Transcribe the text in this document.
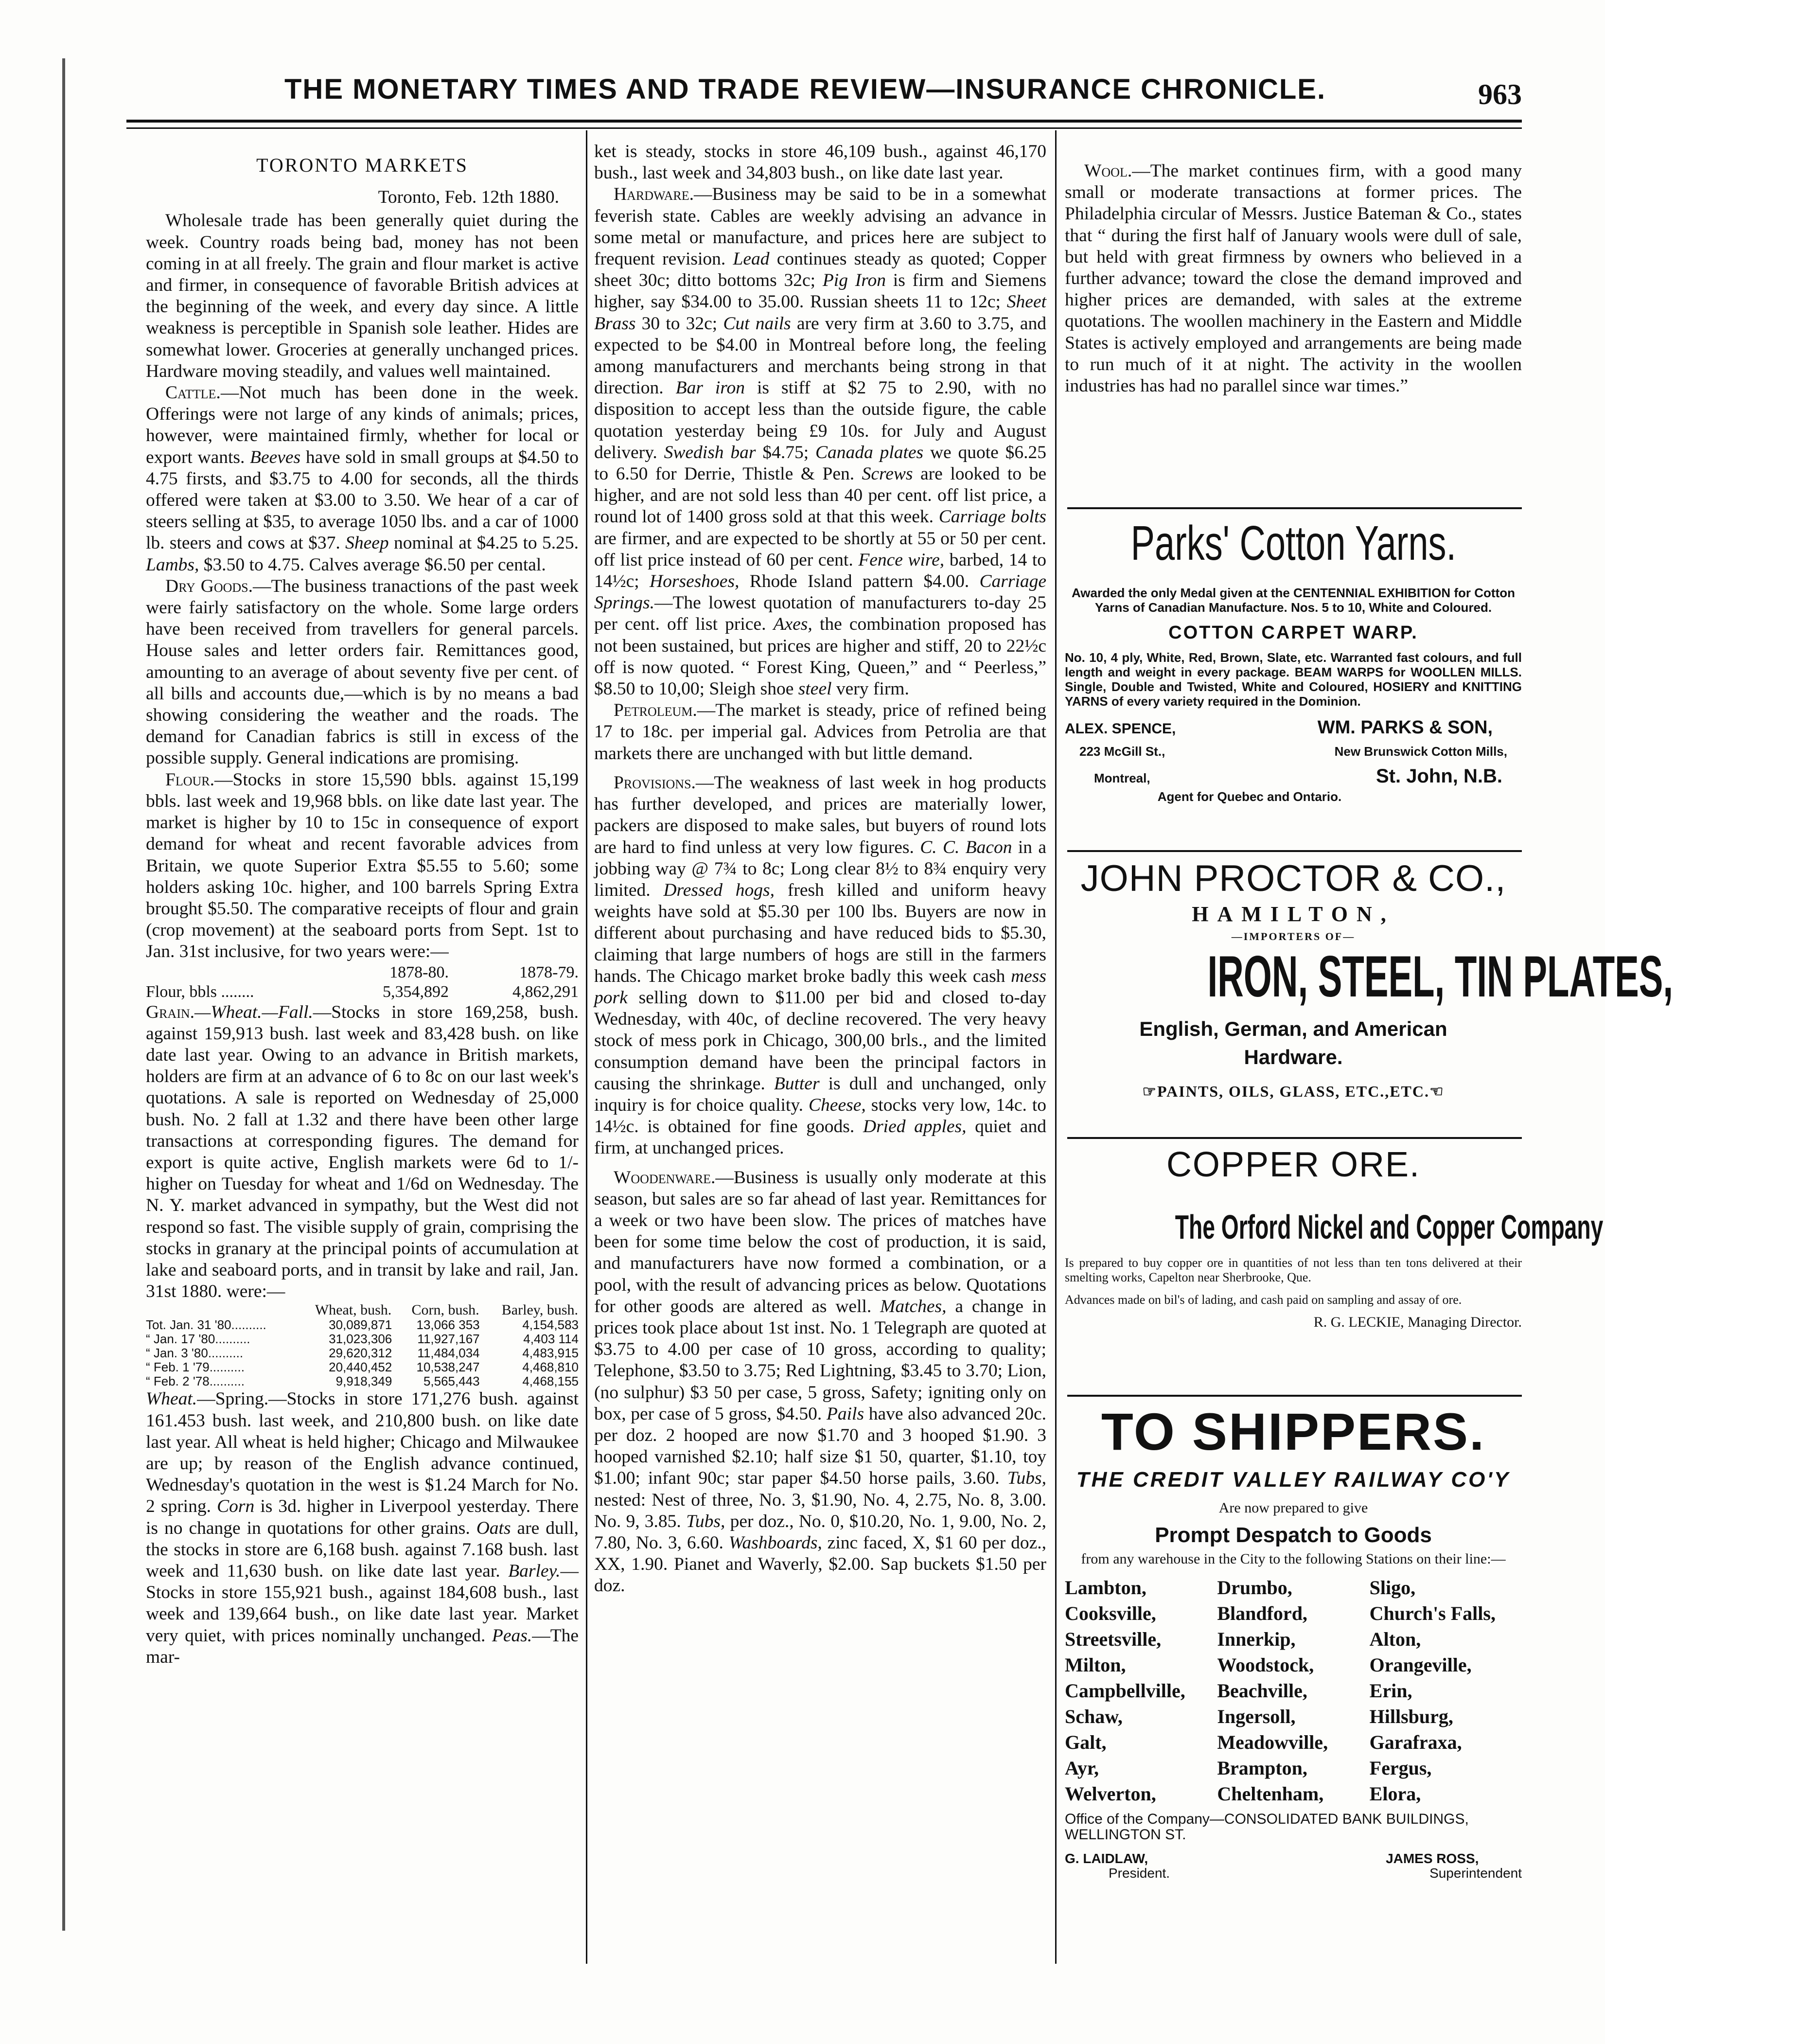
THE MONETARY TIMES AND TRADE REVIEW—INSURANCE CHRONICLE.	963
TORONTO MARKETS
Toronto, Feb. 12th 1880.

Wholesale trade has been generally quiet during the week. Country roads being bad, money has not been coming in at all freely. The grain and flour market is active and firmer, in consequence of favorable British advices at the beginning of the week, and every day since. A little weakness is perceptible in Spanish sole leather. Hides are somewhat lower. Groceries at generally unchanged prices. Hardware moving steadily, and values well maintained.

Cattle.—Not much has been done in the week. Offerings were not large of any kinds of animals; prices, however, were maintained firmly, whether for local or export wants. Beeves have sold in small groups at $4.50 to 4.75 firsts, and $3.75 to 4.00 for seconds, all the thirds offered were taken at $3.00 to 3.50. We hear of a car of steers selling at $35, to average 1050 lbs. and a car of 1000 lb. steers and cows at $37. Sheep nominal at $4.25 to 5.25. Lambs, $3.50 to 4.75. Calves average $6.50 per cental.

Dry Goods.—The business tranactions of the past week were fairly satisfactory on the whole. Some large orders have been received from travellers for general parcels. House sales and letter orders fair. Remittances good, amounting to an average of about seventy five per cent. of all bills and accounts due,—which is by no means a bad showing considering the weather and the roads. The demand for Canadian fabrics is still in excess of the possible supply. General indications are promising.

Flour.—Stocks in store 15,590 bbls. against 15,199 bbls. last week and 19,968 bbls. on like date last year. The market is higher by 10 to 15c in consequence of export demand for wheat and recent favorable advices from Britain, we quote Superior Extra $5.55 to 5.60; some holders asking 10c. higher, and 100 barrels Spring Extra brought $5.50. The comparative receipts of flour and grain (crop movement) at the seaboard ports from Sept. 1st to Jan. 31st inclusive, for two years were:—

	1878-80.	1878-79.
Flour, bbls ........	5,354,892	4,862,291

Grain.—Wheat.—Fall.—Stocks in store 169,258, bush. against 159,913 bush. last week and 83,428 bush. on like date last year. Owing to an advance in British markets, holders are firm at an advance of 6 to 8c on our last week's quotations. A sale is reported on Wednesday of 25,000 bush. No. 2 fall at 1.32 and there have been other large transactions at corresponding figures. The demand for export is quite active, English markets were 6d to 1/- higher on Tuesday for wheat and 1/6d on Wednesday. The N. Y. market advanced in sympathy, but the West did not respond so fast. The visible supply of grain, comprising the stocks in granary at the principal points of accumulation at lake and seaboard ports, and in transit by lake and rail, Jan. 31st 1880. were:—

	Wheat, bush.	Corn, bush.	Barley, bush.
Tot. Jan. 31 '80..........	30,089,871	13,066 353	4,154,583
“ Jan. 17 '80..........	31,023,306	11,927,167	4,403 114
“ Jan. 3 '80..........	29,620,312	11,484,034	4,483,915
“ Feb. 1 '79..........	20,440,452	10,538,247	4,468,810
“ Feb. 2 '78..........	9,918,349	5,565,443	4,468,155

Wheat.—Spring.—Stocks in store 171,276 bush. against 161.453 bush. last week, and 210,800 bush. on like date last year. All wheat is held higher; Chicago and Milwaukee are up; by reason of the English advance continued, Wednesday's quotation in the west is $1.24 March for No. 2 spring. Corn is 3d. higher in Liverpool yesterday. There is no change in quotations for other grains. Oats are dull, the stocks in store are 6,168 bush. against 7.168 bush. last week and 11,630 bush. on like date last year. Barley.—Stocks in store 155,921 bush., against 184,608 bush., last week and 139,664 bush., on like date last year. Market very quiet, with prices nominally unchanged. Peas.—The mar-

ket is steady, stocks in store 46,109 bush., against 46,170 bush., last week and 34,803 bush., on like date last year.

Hardware.—Business may be said to be in a somewhat feverish state. Cables are weekly advising an advance in some metal or manufacture, and prices here are subject to frequent revision. Lead continues steady as quoted; Copper sheet 30c; ditto bottoms 32c; Pig Iron is firm and Siemens higher, say $34.00 to 35.00. Russian sheets 11 to 12c; Sheet Brass 30 to 32c; Cut nails are very firm at 3.60 to 3.75, and expected to be $4.00 in Montreal before long, the feeling among manufacturers and merchants being strong in that direction. Bar iron is stiff at $2 75 to 2.90, with no disposition to accept less than the outside figure, the cable quotation yesterday being £9 10s. for July and August delivery. Swedish bar $4.75; Canada plates we quote $6.25 to 6.50 for Derrie, Thistle & Pen. Screws are looked to be higher, and are not sold less than 40 per cent. off list price, a round lot of 1400 gross sold at that this week. Carriage bolts are firmer, and are expected to be shortly at 55 or 50 per cent. off list price instead of 60 per cent. Fence wire, barbed, 14 to 14½c; Horseshoes, Rhode Island pattern $4.00. Carriage Springs.—The lowest quotation of manufacturers to-day 25 per cent. off list price. Axes, the combination proposed has not been sustained, but prices are higher and stiff, 20 to 22½c off is now quoted. “ Forest King, Queen,” and “ Peerless,” $8.50 to 10,00; Sleigh shoe steel very firm.

Petroleum.—The market is steady, price of refined being 17 to 18c. per imperial gal. Advices from Petrolia are that markets there are unchanged with but little demand.

Provisions.—The weakness of last week in hog products has further developed, and prices are materially lower, packers are disposed to make sales, but buyers of round lots are hard to find unless at very low figures. C. C. Bacon in a jobbing way @ 7¾ to 8c; Long clear 8½ to 8¾ enquiry very limited. Dressed hogs, fresh killed and uniform heavy weights have sold at $5.30 per 100 lbs. Buyers are now in different about purchasing and have reduced bids to $5.30, claiming that large numbers of hogs are still in the farmers hands. The Chicago market broke badly this week cash mess pork selling down to $11.00 per bid and closed to-day Wednesday, with 40c, of decline recovered. The very heavy stock of mess pork in Chicago, 300,00 brls., and the limited consumption demand have been the principal factors in causing the shrinkage. Butter is dull and unchanged, only inquiry is for choice quality. Cheese, stocks very low, 14c. to 14½c. is obtained for fine goods. Dried apples, quiet and firm, at unchanged prices.

Woodenware.—Business is usually only moderate at this season, but sales are so far ahead of last year. Remittances for a week or two have been slow. The prices of matches have been for some time below the cost of production, it is said, and manufacturers have now formed a combination, or a pool, with the result of advancing prices as below. Quotations for other goods are altered as well. Matches, a change in prices took place about 1st inst. No. 1 Telegraph are quoted at $3.75 to 4.00 per case of 10 gross, according to quality; Telephone, $3.50 to 3.75; Red Lightning, $3.45 to 3.70; Lion, (no sulphur) $3 50 per case, 5 gross, Safety; igniting only on box, per case of 5 gross, $4.50. Pails have also advanced 20c. per doz. 2 hooped are now $1.70 and 3 hooped $1.90. 3 hooped varnished $2.10; half size $1 50, quarter, $1.10, toy $1.00; infant 90c; star paper $4.50 horse pails, 3.60. Tubs, nested: Nest of three, No. 3, $1.90, No. 4, 2.75, No. 8, 3.00. No. 9, 3.85. Tubs, per doz., No. 0, $10.20, No. 1, 9.00, No. 2, 7.80, No. 3, 6.60. Washboards, zinc faced, X, $1 60 per doz., XX, 1.90. Pianet and Waverly, $2.00. Sap buckets $1.50 per doz.

Wool.—The market continues firm, with a good many small or moderate transactions at former prices. The Philadelphia circular of Messrs. Justice Bateman & Co., states that “ during the first half of January wools were dull of sale, but held with great firmness by owners who believed in a further advance; toward the close the demand improved and higher prices are demanded, with sales at the extreme quotations. The woollen machinery in the Eastern and Middle States is actively employed and arrangements are being made to run much of it at night. The activity in the woollen industries has had no parallel since war times.”

Parks' Cotton Yarns.
Awarded the only Medal given at the CENTENNIAL EXHIBITION for Cotton Yarns of Canadian Manufacture. Nos. 5 to 10, White and Coloured.
COTTON CARPET WARP.
No. 10, 4 ply, White, Red, Brown, Slate, etc. Warranted fast colours, and full length and weight in every package. BEAM WARPS for WOOLLEN MILLS. Single, Double and Twisted, White and Coloured, HOSIERY and KNITTING YARNS of every variety required in the Dominion.
ALEX. SPENCE,	WM. PARKS & SON,
223 McGill St.,	New Brunswick Cotton Mills,
Montreal,	St. John, N.B.
Agent for Quebec and Ontario.
JOHN PROCTOR & CO.,
HAMILTON,
—IMPORTERS OF—
IRON, STEEL, TIN PLATES,
English, German, and American Hardware.
☞PAINTS, OILS, GLASS, ETC.,ETC.☜
COPPER ORE.
The Orford Nickel and Copper Company
Is prepared to buy copper ore in quantities of not less than ten tons delivered at their smelting works, Capelton near Sherbrooke, Que.
Advances made on bil's of lading, and cash paid on sampling and assay of ore.
R. G. LECKIE, Managing Director.
TO SHIPPERS.
THE CREDIT VALLEY RAILWAY CO'Y
Are now prepared to give
Prompt Despatch to Goods
from any warehouse in the City to the following Stations on their line:—
Lambton,	Drumbo,	Sligo,
Cooksville,	Blandford,	Church's Falls,
Streetsville,	Innerkip,	Alton,
Milton,	Woodstock,	Orangeville,
Campbellville,	Beachville,	Erin,
Schaw,	Ingersoll,	Hillsburg,
Galt,	Meadowville,	Garafraxa,
Ayr,	Brampton,	Fergus,
Welverton,	Cheltenham,	Elora,
Office of the Company—CONSOLIDATED BANK BUILDINGS, WELLINGTON ST.
G. LAIDLAW,
President.
JAMES ROSS,
Superintendent
